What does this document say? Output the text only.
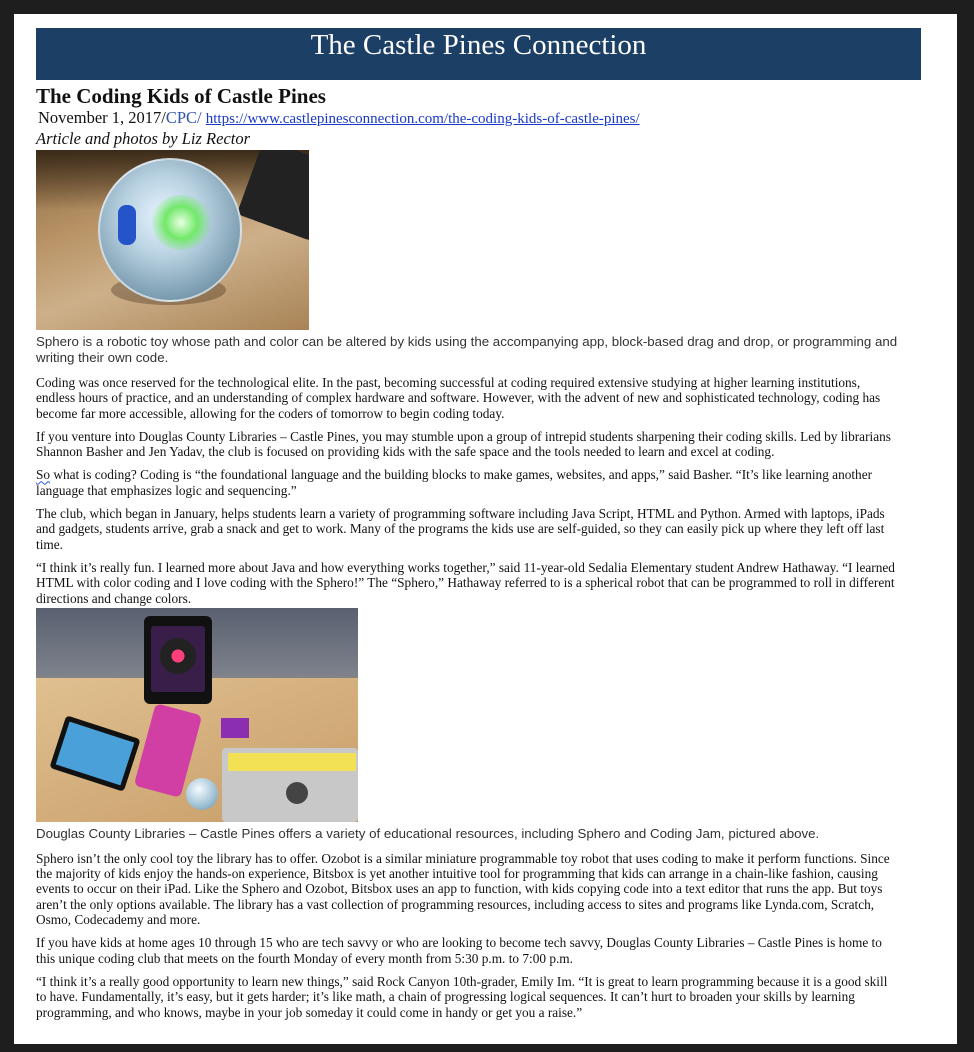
The Castle Pines Connection
The Coding Kids of Castle Pines

November 1, 2017/CPC/ https://www.castlepinesconnection.com/the-coding-kids-of-castle-pines/

Article and photos by Liz Rector

Sphero is a robotic toy whose path and color can be altered by kids using the accompanying app, block-based drag and drop, or programming and writing their own code.

Coding was once reserved for the technological elite. In the past, becoming successful at coding required extensive studying at higher learning institutions, endless hours of practice, and an understanding of complex hardware and software. However, with the advent of new and sophisticated technology, coding has become far more accessible, allowing for the coders of tomorrow to begin coding today.

If you venture into Douglas County Libraries – Castle Pines, you may stumble upon a group of intrepid students sharpening their coding skills. Led by librarians Shannon Basher and Jen Yadav, the club is focused on providing kids with the safe space and the tools needed to learn and excel at coding.

So what is coding? Coding is “the foundational language and the building blocks to make games, websites, and apps,” said Basher. “It’s like learning another language that emphasizes logic and sequencing.”

The club, which began in January, helps students learn a variety of programming software including Java Script, HTML and Python. Armed with laptops, iPads and gadgets, students arrive, grab a snack and get to work. Many of the programs the kids use are self-guided, so they can easily pick up where they left off last time.

“I think it’s really fun. I learned more about Java and how everything works together,” said 11-year-old Sedalia Elementary student Andrew Hathaway. “I learned HTML with color coding and I love coding with the Sphero!” The “Sphero,” Hathaway referred to is a spherical robot that can be programmed to roll in different directions and change colors.

Douglas County Libraries – Castle Pines offers a variety of educational resources, including Sphero and Coding Jam, pictured above.

Sphero isn’t the only cool toy the library has to offer. Ozobot is a similar miniature programmable toy robot that uses coding to make it perform functions. Since the majority of kids enjoy the hands-on experience, Bitsbox is yet another intuitive tool for programming that kids can arrange in a chain-like fashion, causing events to occur on their iPad. Like the Sphero and Ozobot, Bitsbox uses an app to function, with kids copying code into a text editor that runs the app. But toys aren’t the only options available. The library has a vast collection of programming resources, including access to sites and programs like Lynda.com, Scratch, Osmo, Codecademy and more.

If you have kids at home ages 10 through 15 who are tech savvy or who are looking to become tech savvy, Douglas County Libraries – Castle Pines is home to this unique coding club that meets on the fourth Monday of every month from 5:30 p.m. to 7:00 p.m.

“I think it’s a really good opportunity to learn new things,” said Rock Canyon 10th-grader, Emily Im. “It is great to learn programming because it is a good skill to have. Fundamentally, it’s easy, but it gets harder; it’s like math, a chain of progressing logical sequences. It can’t hurt to broaden your skills by learning programming, and who knows, maybe in your job someday it could come in handy or get you a raise.”
